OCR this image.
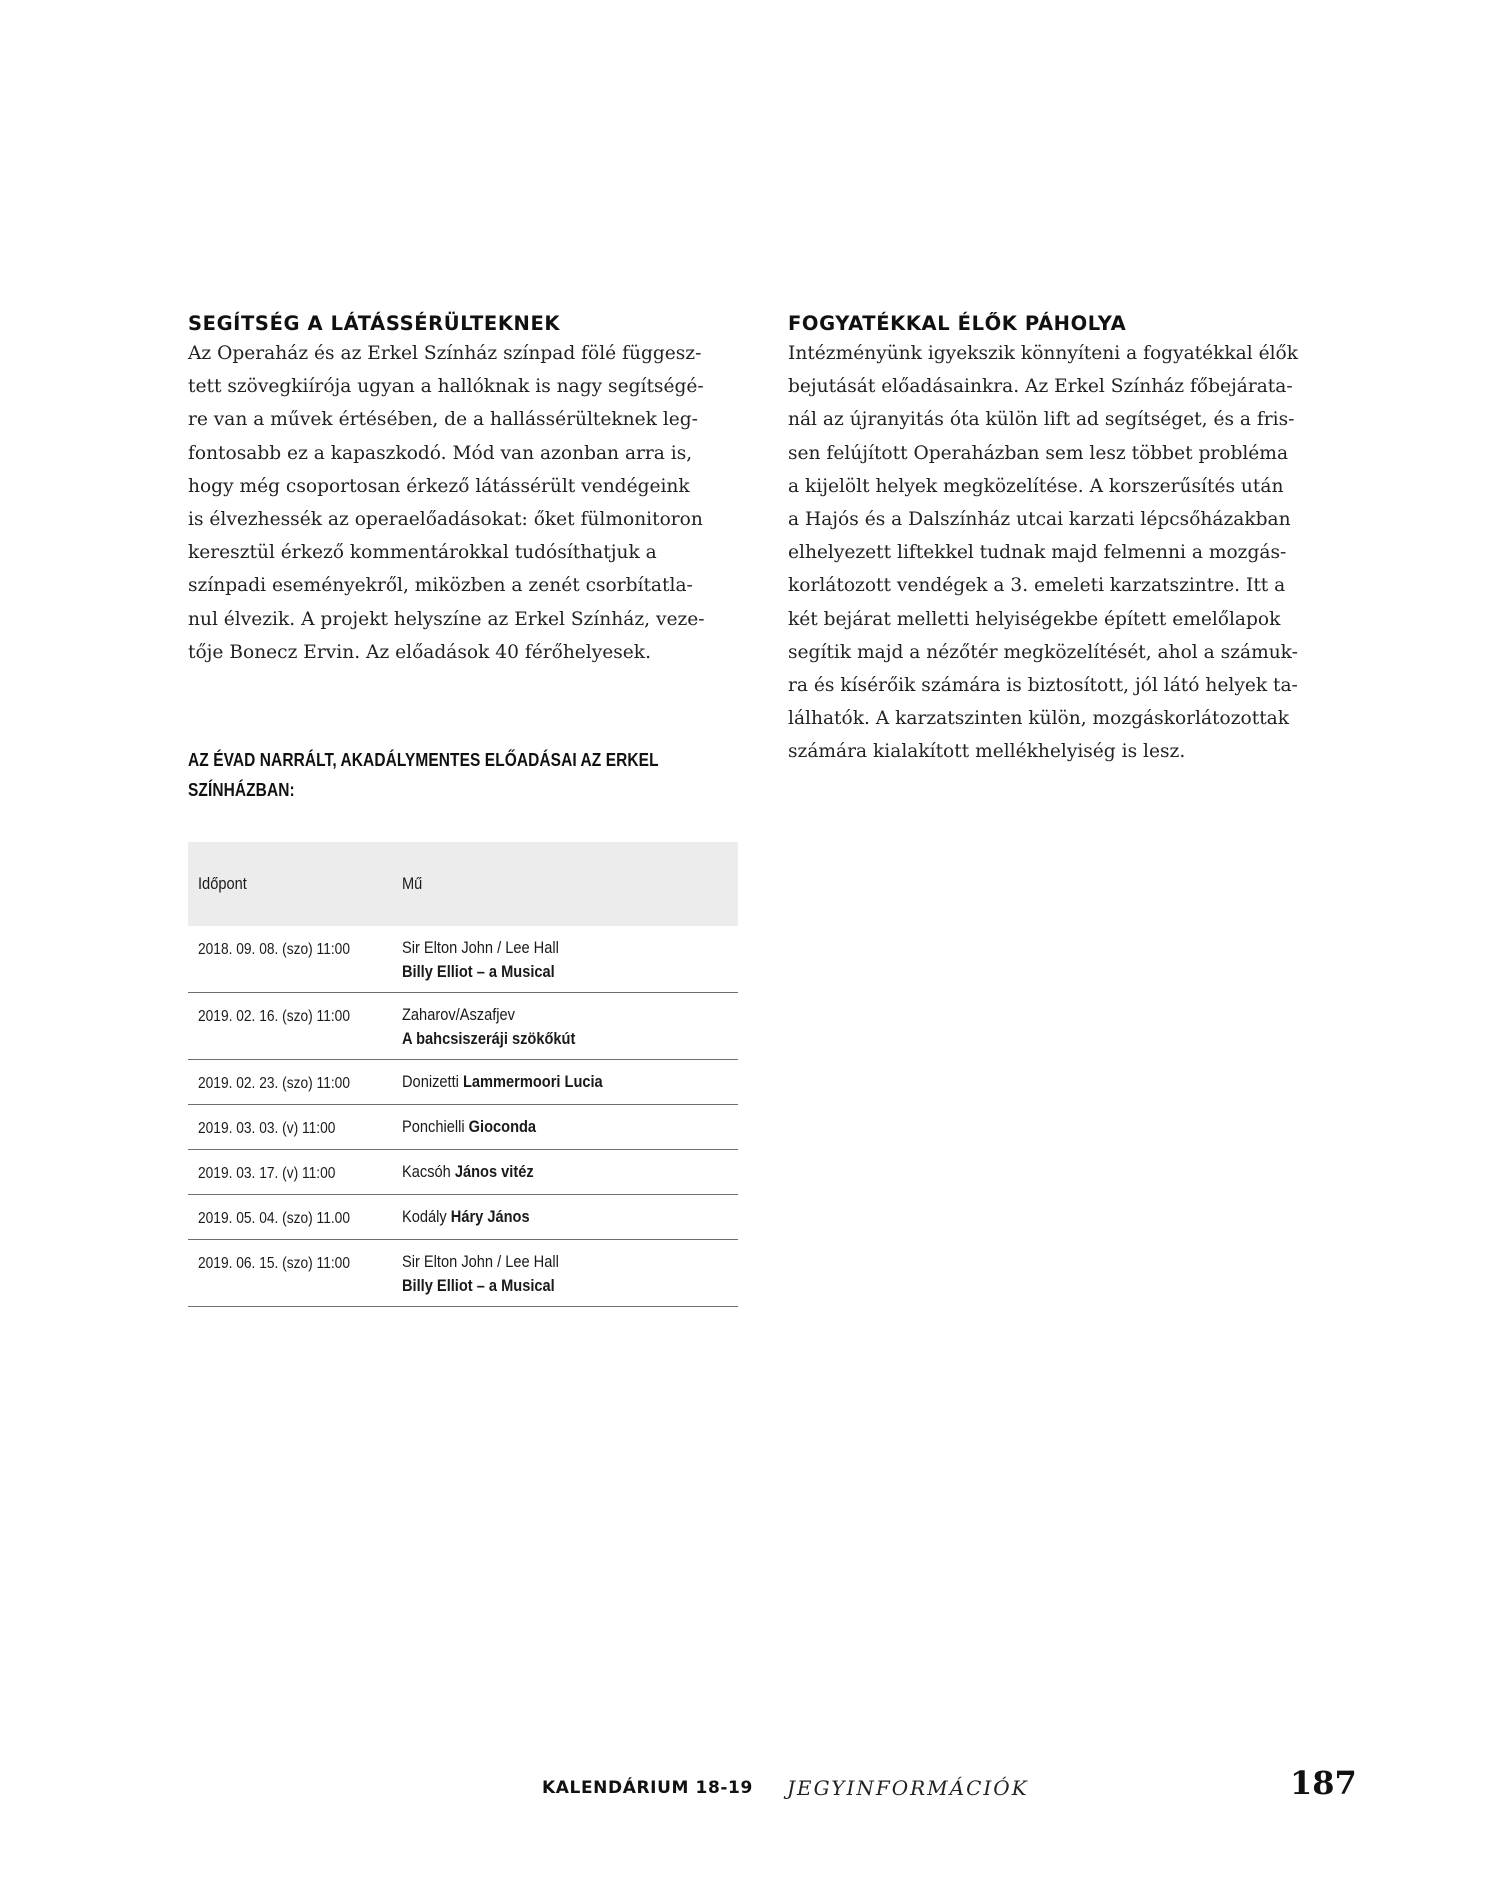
SEGÍTSÉG A LÁTÁSSÉRÜLTEKNEK

Az Operaház és az Erkel Színház színpad fölé függesz-
tett szövegkiírója ugyan a hallóknak is nagy segítségé-
re van a művek értésében, de a hallássérülteknek leg-
fontosabb ez a kapaszkodó. Mód van azonban arra is,
hogy még csoportosan érkező látássérült vendégeink
is élvezhessék az operaelőadásokat: őket fülmonitoron
keresztül érkező kommentárokkal tudósíthatjuk a
színpadi eseményekről, miközben a zenét csorbítatla-
nul élvezik. A projekt helyszíne az Erkel Színház, veze-
tője Bonecz Ervin. Az előadások 40 férőhelyesek.

FOGYATÉKKAL ÉLŐK PÁHOLYA

Intézményünk igyekszik könnyíteni a fogyatékkal élők
bejutását előadásainkra. Az Erkel Színház főbejárata-
nál az újranyitás óta külön lift ad segítséget, és a fris-
sen felújított Operaházban sem lesz többet probléma
a kijelölt helyek megközelítése. A korszerűsítés után
a Hajós és a Dalszínház utcai karzati lépcsőházakban
elhelyezett liftekkel tudnak majd felmenni a mozgás-
korlátozott vendégek a 3. emeleti karzatszintre. Itt a
két bejárat melletti helyiségekbe épített emelőlapok
segítik majd a nézőtér megközelítését, ahol a számuk-
ra és kísérőik számára is biztosított, jól látó helyek ta-
lálhatók. A karzatszinten külön, mozgáskorlátozottak
számára kialakított mellékhelyiség is lesz.

AZ ÉVAD NARRÁLT, AKADÁLYMENTES ELŐADÁSAI AZ ERKEL
SZÍNHÁZBAN:
Időpont	Mű
2018. 09. 08. (szo) 11:00	Sir Elton John / Lee Hall
Billy Elliot – a Musical
2019. 02. 16. (szo) 11:00	Zaharov/Aszafjev
A bahcsiszeráji szökőkút
2019. 02. 23. (szo) 11:00	Donizetti Lammermoori Lucia
2019. 03. 03. (v) 11:00	Ponchielli Gioconda
2019. 03. 17. (v) 11:00	Kacsóh János vitéz
2019. 05. 04. (szo) 11.00	Kodály Háry János
2019. 06. 15. (szo) 11:00	Sir Elton John / Lee Hall
Billy Elliot – a Musical
KALENDÁRIUM 18-19 JEGYINFORMÁCIÓK	187
